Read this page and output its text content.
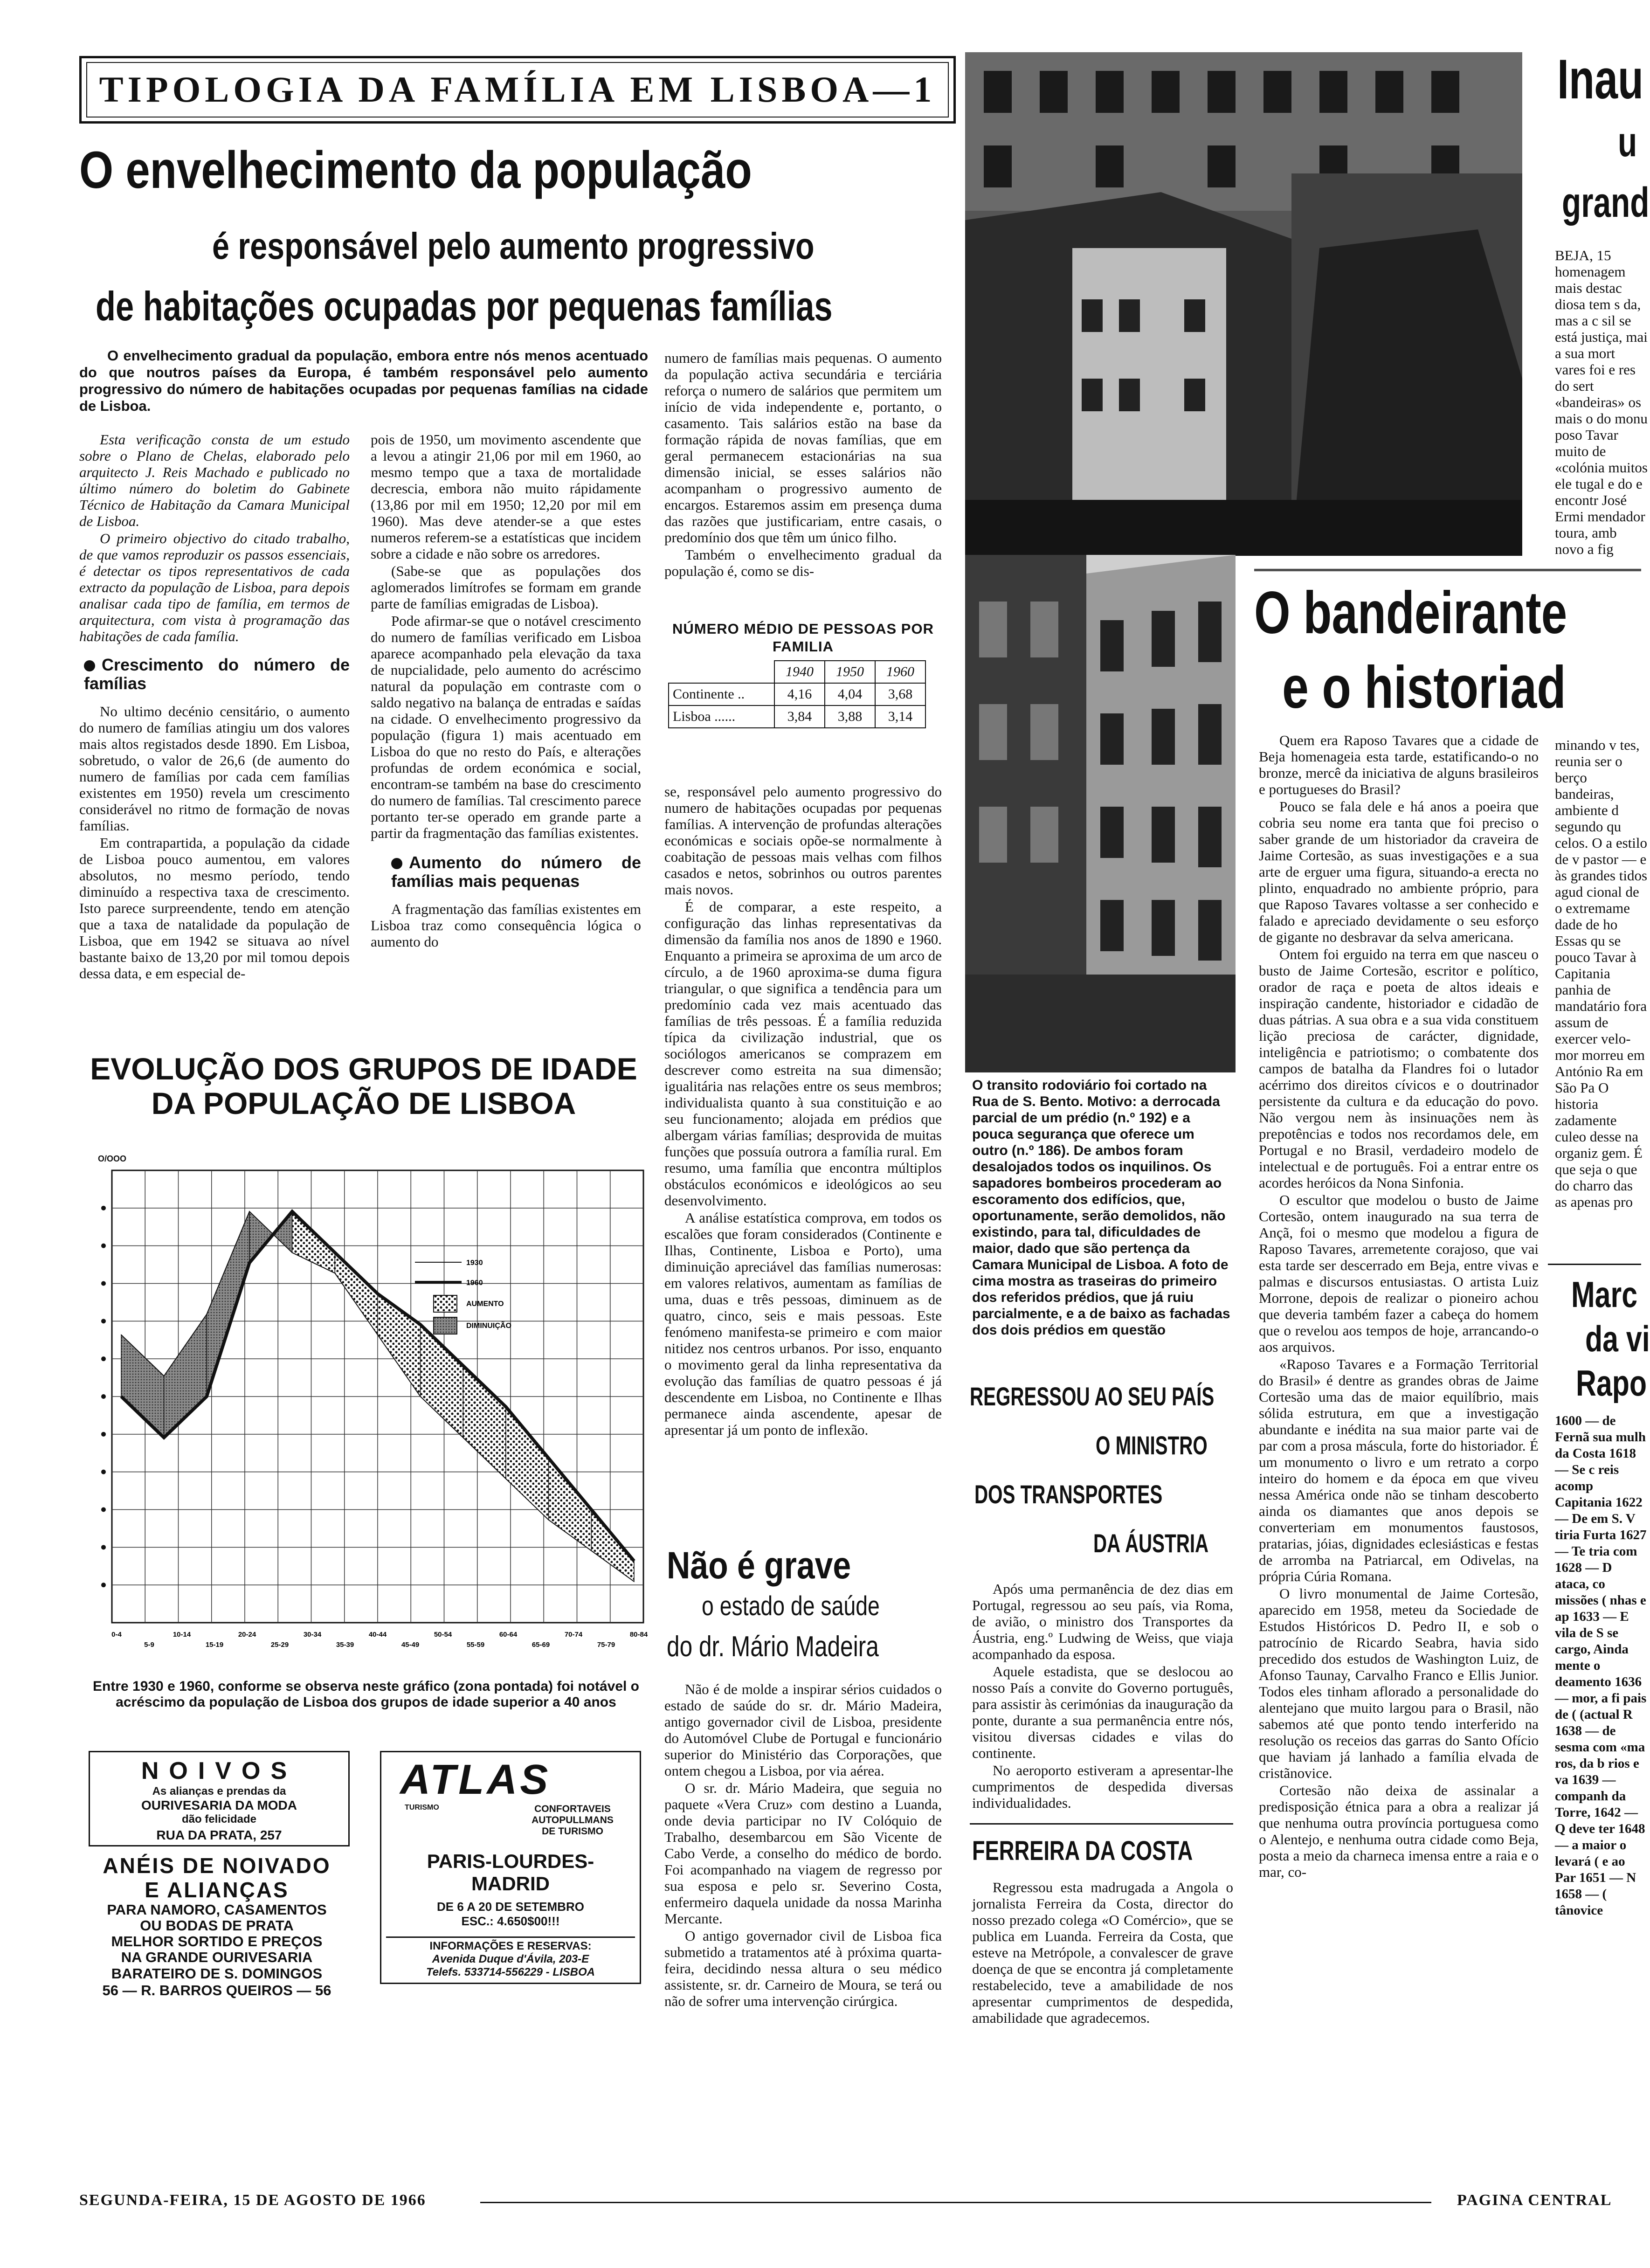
TIPOLOGIA DA FAMÍLIA EM LISBOA—1
O envelhecimento da população
é responsável pelo aumento progressivo
de habitações ocupadas por pequenas famílias
O envelhecimento gradual da população, embora entre nós menos acentuado do que noutros países da Europa, é também responsável pelo aumento progressivo do número de habitações ocupadas por pequenas famílias na cidade de Lisboa.

Esta verificação consta de um estudo sobre o Plano de Chelas, elaborado pelo arquitecto J. Reis Machado e publicado no último número do boletim do Gabinete Técnico de Habitação da Camara Municipal de Lisboa.

O primeiro objectivo do citado trabalho, de que vamos reproduzir os passos essenciais, é detectar os tipos representativos de cada extracto da população de Lisboa, para depois analisar cada tipo de família, em termos de arquitectura, com vista à programação das habitações de cada família.

Crescimento do número de famílias

No ultimo decénio censitário, o aumento do numero de famílias atingiu um dos valores mais altos registados desde 1890. Em Lisboa, sobretudo, o valor de 26,6 (de aumento do numero de famílias por cada cem famílias existentes em 1950) revela um crescimento considerável no ritmo de formação de novas famílias.

Em contrapartida, a população da cidade de Lisboa pouco aumentou, em valores absolutos, no mesmo período, tendo diminuído a respectiva taxa de crescimento. Isto parece surpreendente, tendo em atenção que a taxa de natalidade da população de Lisboa, que em 1942 se situava ao nível bastante baixo de 13,20 por mil tomou depois dessa data, e em especial de-

pois de 1950, um movimento ascendente que a levou a atingir 21,06 por mil em 1960, ao mesmo tempo que a taxa de mortalidade decrescia, embora não muito rápidamente (13,86 por mil em 1950; 12,20 por mil em 1960). Mas deve atender-se a que estes numeros referem-se a estatísticas que incidem sobre a cidade e não sobre os arredores.

(Sabe-se que as populações dos aglomerados limítrofes se formam em grande parte de famílias emigradas de Lisboa).

Pode afirmar-se que o notável crescimento do numero de famílias verificado em Lisboa aparece acompanhado pela elevação da taxa de nupcialidade, pelo aumento do acréscimo natural da população em contraste com o saldo negativo na balança de entradas e saídas na cidade. O envelhecimento progressivo da população (figura 1) mais acentuado em Lisboa do que no resto do País, e alterações profundas de ordem económica e social, encontram-se também na base do crescimento do numero de famílias. Tal crescimento parece portanto ter-se operado em grande parte a partir da fragmentação das famílias existentes.

Aumento do número de famílias mais pequenas

A fragmentação das famílias existentes em Lisboa traz como consequência lógica o aumento do

EVOLUÇÃO DOS GRUPOS DE IDADE DA POPULAÇÃO DE LISBOA
O/OOO
0-4
5-9
10-14
15-19
20-24
25-29
30-34
35-39
40-44
45-49
50-54
55-59
60-64
65-69
70-74
75-79
80-84
1930
1960
AUMENTO
DIMINUIÇÃO
Entre 1930 e 1960, conforme se observa neste gráfico (zona pontada) foi notável o acréscimo da população de Lisboa dos grupos de idade superior a 40 anos
NOIVOS
As alianças e prendas da
OURIVESARIA DA MODA
dão felicidade
RUA DA PRATA, 257
ANÉIS DE NOIVADO
E ALIANÇAS
PARA NAMORO, CASAMENTOS
OU BODAS DE PRATA
MELHOR SORTIDO E PREÇOS
NA GRANDE OURIVESARIA
BARATEIRO DE S. DOMINGOS
56 — R. BARROS QUEIROS — 56
ATLAS
TURISMO	CONFORTAVEIS
AUTOPULLMANS
DE TURISMO
PARIS-LOURDES-
MADRID
DE 6 A 20 DE SETEMBRO
ESC.: 4.650$00!!!
INFORMAÇÕES E RESERVAS:
Avenida Duque d'Ávila, 203-E
Telefs. 533714-556229 - LISBOA

numero de famílias mais pequenas. O aumento da população activa secundária e terciária reforça o numero de salários que permitem um início de vida independente e, portanto, o casamento. Tais salários estão na base da formação rápida de novas famílias, que em geral permanecem estacionárias na sua dimensão inicial, se esses salários não acompanham o progressivo aumento de encargos. Estaremos assim em presença duma das razões que justificariam, entre casais, o predomínio dos que têm um único filho.

Também o envelhecimento gradual da população é, como se dis-

NÚMERO MÉDIO DE PESSOAS POR FAMILIA
	1940	1950	1960
Continente ..	4,16	4,04	3,68
Lisboa ......	3,84	3,88	3,14

se, responsável pelo aumento progressivo do numero de habitações ocupadas por pequenas famílias. A intervenção de profundas alterações económicas e sociais opõe-se normalmente à coabitação de pessoas mais velhas com filhos casados e netos, sobrinhos ou outros parentes mais novos.

É de comparar, a este respeito, a configuração das linhas representativas da dimensão da família nos anos de 1890 e 1960. Enquanto a primeira se aproxima de um arco de círculo, a de 1960 aproxima-se duma figura triangular, o que significa a tendência para um predomínio cada vez mais acentuado das famílias de três pessoas. É a família reduzida típica da civilização industrial, que os sociólogos americanos se comprazem em descrever como estreita na sua dimensão; igualitária nas relações entre os seus membros; individualista quanto à sua constituição e ao seu funcionamento; alojada em prédios que albergam várias famílias; desprovida de muitas funções que possuía outrora a família rural. Em resumo, uma família que encontra múltiplos obstáculos económicos e ideológicos ao seu desenvolvimento.

A análise estatística comprova, em todos os escalões que foram considerados (Continente e Ilhas, Continente, Lisboa e Porto), uma diminuição apreciável das famílias numerosas: em valores relativos, aumentam as famílias de uma, duas e três pessoas, diminuem as de quatro, cinco, seis e mais pessoas. Este fenómeno manifesta-se primeiro e com maior nitidez nos centros urbanos. Por isso, enquanto o movimento geral da linha representativa da evolução das famílias de quatro pessoas é já descendente em Lisboa, no Continente e Ilhas permanece ainda ascendente, apesar de apresentar já um ponto de inflexão.

Não é grave
o estado de saúde
do dr. Mário Madeira

Não é de molde a inspirar sérios cuidados o estado de saúde do sr. dr. Mário Madeira, antigo governador civil de Lisboa, presidente do Automóvel Clube de Portugal e funcionário superior do Ministério das Corporações, que ontem chegou a Lisboa, por via aérea.

O sr. dr. Mário Madeira, que seguia no paquete «Vera Cruz» com destino a Luanda, onde devia participar no IV Colóquio de Trabalho, desembarcou em São Vicente de Cabo Verde, a conselho do médico de bordo. Foi acompanhado na viagem de regresso por sua esposa e pelo sr. Severino Costa, enfermeiro daquela unidade da nossa Marinha Mercante.

O antigo governador civil de Lisboa fica submetido a tratamentos até à próxima quarta-feira, decidindo nessa altura o seu médico assistente, sr. dr. Carneiro de Moura, se terá ou não de sofrer uma intervenção cirúrgica.

O transito rodoviário foi cortado na Rua de S. Bento. Motivo: a derrocada parcial de um prédio (n.º 192) e a pouca segurança que oferece um outro (n.º 186). De ambos foram desalojados todos os inquilinos. Os sapadores bombeiros procederam ao escoramento dos edifícios, que, oportunamente, serão demolidos, não existindo, para tal, dificuldades de maior, dado que são pertença da Camara Municipal de Lisboa. A foto de cima mostra as traseiras do primeiro dos referidos prédios, que já ruiu parcialmente, e a de baixo as fachadas dos dois prédios em questão
REGRESSOU AO SEU PAÍS
O MINISTRO
DOS TRANSPORTES
DA ÁUSTRIA

Após uma permanência de dez dias em Portugal, regressou ao seu país, via Roma, de avião, o ministro dos Transportes da Áustria, eng.º Ludwing de Weiss, que viaja acompanhado da esposa.

Aquele estadista, que se deslocou ao nosso País a convite do Governo português, para assistir às cerimónias da inauguração da ponte, durante a sua permanência entre nós, visitou diversas cidades e vilas do continente.

No aeroporto estiveram a apresentar-lhe cumprimentos de despedida diversas individualidades.

FERREIRA DA COSTA

Regressou esta madrugada a Angola o jornalista Ferreira da Costa, director do nosso prezado colega «O Comércio», que se publica em Luanda. Ferreira da Costa, que esteve na Metrópole, a convalescer de grave doença de que se encontra já completamente restabelecido, teve a amabilidade de nos apresentar cumprimentos de despedida, amabilidade que agradecemos.

O bandeirante
e o historiad

Quem era Raposo Tavares que a cidade de Beja homenageia esta tarde, estatificando-o no bronze, mercê da iniciativa de alguns brasileiros e portugueses do Brasil?

Pouco se fala dele e há anos a poeira que cobria seu nome era tanta que foi preciso o saber grande de um historiador da craveira de Jaime Cortesão, as suas investigações e a sua arte de erguer uma figura, situando-a erecta no plinto, enquadrado no ambiente próprio, para que Raposo Tavares voltasse a ser conhecido e falado e apreciado devidamente o seu esforço de gigante no desbravar da selva americana.

Ontem foi erguido na terra em que nasceu o busto de Jaime Cortesão, escritor e político, orador de raça e poeta de altos ideais e inspiração candente, historiador e cidadão de duas pátrias. A sua obra e a sua vida constituem lição preciosa de carácter, dignidade, inteligência e patriotismo; o combatente dos campos de batalha da Flandres foi o lutador acérrimo dos direitos cívicos e o doutrinador persistente da cultura e da educação do povo. Não vergou nem às insinuações nem às prepotências e todos nos recordamos dele, em Portugal e no Brasil, verdadeiro modelo de intelectual e de português. Foi a entrar entre os acordes heróicos da Nona Sinfonia.

O escultor que modelou o busto de Jaime Cortesão, ontem inaugurado na sua terra de Ançã, foi o mesmo que modelou a figura de Raposo Tavares, arremetente corajoso, que vai esta tarde ser descerrado em Beja, entre vivas e palmas e discursos entusiastas. O artista Luiz Morrone, depois de realizar o pioneiro achou que deveria também fazer a cabeça do homem que o revelou aos tempos de hoje, arrancando-o aos arquivos.

«Raposo Tavares e a Formação Territorial do Brasil» é dentre as grandes obras de Jaime Cortesão uma das de maior equilíbrio, mais sólida estrutura, em que a investigação abundante e inédita na sua maior parte vai de par com a prosa máscula, forte do historiador. É um monumento o livro e um retrato a corpo inteiro do homem e da época em que viveu nessa América onde não se tinham descoberto ainda os diamantes que anos depois se converteriam em monumentos faustosos, pratarias, jóias, dignidades eclesiásticas e festas de arromba na Patriarcal, em Odivelas, na própria Cúria Romana.

O livro monumental de Jaime Cortesão, aparecido em 1958, meteu da Sociedade de Estudos Históricos D. Pedro II, e sob o patrocínio de Ricardo Seabra, havia sido precedido dos estudos de Washington Luiz, de Afonso Taunay, Carvalho Franco e Ellis Junior. Todos eles tinham aflorado a personalidade do alentejano que muito largou para o Brasil, não sabemos até que ponto tendo interferido na resolução os receios das garras do Santo Ofício que haviam já lanhado a família elvada de cristãnovice.

Cortesão não deixa de assinalar a predisposição étnica para a obra a realizar já que nenhuma outra província portuguesa como o Alentejo, e nenhuma outra cidade como Beja, posta a meio da charneca imensa entre a raia e o mar, co-

Inau
u
grand
BEJA, 15 homenagem mais destac diosa tem s da, mas a c sil se está justiça, mai a sua mort vares foi e res do sert «bandeiras» os mais o do monu poso Tavar muito de «colónia muitos ele tugal e do e encontr José Ermi mendador toura, amb novo a fig
minando v tes, reunia ser o berço bandeiras, ambiente d segundo qu celos. O a estilo de v pastor — e às grandes tidos agud cional de o extremame dade de ho Essas qu se pouco Tavar à Capitania panhia de mandatário fora assum de exercer velo-mor morreu em António Ra em São Pa O historia zadamente culeo desse na organiz gem. É que seja o que do charro das as apenas pro
Marc
da vi
Rapo
1600 — de Fernã sua mulh da Costa 1618 — Se c reis acomp Capitania 1622 — De em S. V tiria Furta 1627 — Te tria com 1628 — D ataca, co missões ( nhas e ap 1633 — E vila de S se cargo, Ainda mente o deamento 1636 — mor, a fi pais de ( (actual R 1638 — de sesma com «ma ros, da b rios e va 1639 — companh da Torre, 1642 — Q deve ter 1648 — a maior o levará ( e ao Par 1651 — N 1658 — ( tânovice
SEGUNDA-FEIRA, 15 DE AGOSTO DE 1966	PAGINA CENTRAL
